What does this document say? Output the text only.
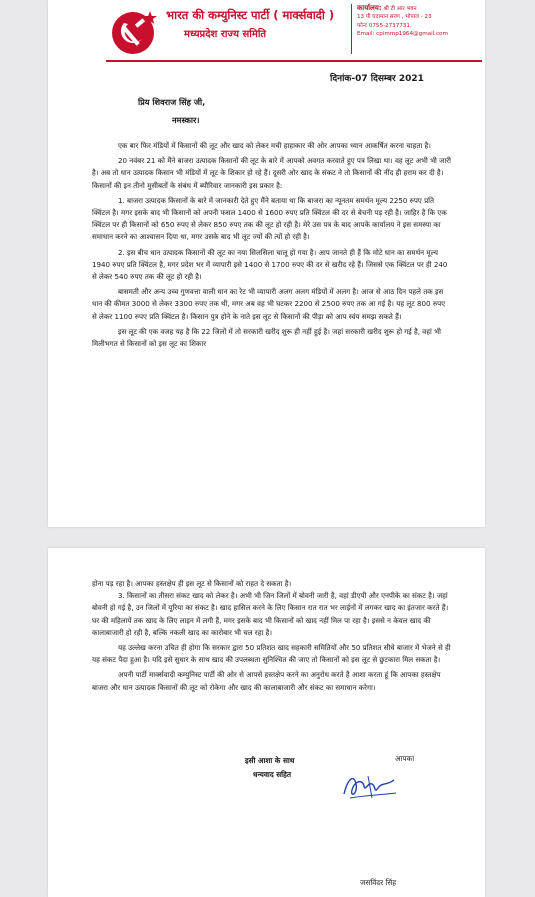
भारत की कम्युनिस्ट पार्टी ( मार्क्सवादी )
मध्यप्रदेश राज्य समिति
कार्यालय: श्री टी आर भवन
13 पी घदामान सरण , भोपाल - 23
फोनः 0755-2737731,
Email: cpimmp1964@gmail.com
दिनांक-07 दिसम्बर 2021
प्रिय शिवराज सिंह जी,
नमस्कार।

एक बार फिर मंडियों में किसानों की लूट और खाद को लेकर मची हाहाकार की ओर आपका ध्यान आकर्षित करना चाहता है।

20 नवंबर 21 को मैंने बाजरा उत्पादक किसानों की लूट के बारे में आपको अवगत करवाते हुए पत्र लिखा था। वह लूट अभी भी जारी है। अब तो धान उत्पादक किसान भी मंडियों में लूट के शिकार हो रहे हैं। दूसरी ओर खाद के संकट ने तो किसानों की नींद ही हराम कर दी है। किसानों की इन तीनो मुसीबतों के संबंध में ब्यौरिवार जानकारी इस प्रकार है:

1. बाजरा उत्पादक किसानों के बारे में जानकारी देते हुए मैंने बताया था कि बाजरा का न्यूनतम समर्थन मूल्य 2250 रुपए प्रति क्विंटल है। मगर इसके बाद भी किसानों को अपनी फसल 1400 से 1600 रुपए प्रति क्विंटल की दर से बेचनी पड़ रही है। जाहिर है कि एक क्विंटल पर ही किसानों को 650 रुपए से लेकर 850 रुपए तक की लूट हो रही है। मेरे उस पत्र के बाद आपके कार्यालय ने इस समस्या का समाधान करने का आश्वासन दिया था, मगर उसके बाद भी लूट ज्यों की त्यों हो रही है।

2. इस बीच धान उत्पादक किसानों की लूट का नया सिलसिला चालू हो गया है। आप जानते ही हैं कि मोटे धान का समर्थन मूल्य 1940 रुपए प्रति क्विंटल है, मगर प्रदेश भर में व्यापारी इसे 1400 से 1700 रुपए की दर से खरीद रहे हैं। जिससे एक क्विंटल पर ही 240 से लेकर 540 रुपए तक की लूट हो रही है।

बासमती और अन्य उच्च गुणवत्ता वाली धान का रेट भी व्यापारी अलग अलग मंडियों में अलग है। आज से आठ दिन पहले तक इस धान की कीमत 3000 से लेकर 3300 रुपए तक थी, मगर अब वह भी घटकर 2200 से 2500 रुपए तक आ गई है। यह लूट 800 रुपए से लेकर 1100 रुपए प्रति क्विंटल है। किसान पुत्र होने के नाते इस लूट से किसानों की पीड़ा को आप स्वंय समझ सकते हैं।

इस लूट की एक वजह यह है कि 22 जिलों में तो सरकारी खरीद शुरू ही नहीं हुई है। जहां सरकारी खरीद शुरू हो गई है, वहां भी मिलीभगत से किसानों को इस लूट का शिकार

होना पड़ रहा है। आपका हस्तक्षेप ही इस लूट से किसानों को राहत दे सकता है।

3. किसानों का तीसरा संकट खाद को लेकर है। अभी भी जिन जिलों में बोवनी जारी है, वहां डीएपी और एनपीके का संकट है। जहां बोवनी हो गई है, उन जिलों में यूरिया का संकट है। खाद हासिल करने के लिए किसान रात रात भर लाईनों में लगकर खाद का इंतजार करते हैं। घर की महिलायें तक खाद के लिए लाइन में लगी हैं, मगर इसके बाद भी किसानों को खाद नहीं मिल पा रहा है। इससे न केवल खाद की कालाबाजारी हो रही है, बल्कि नकली खाद का कारोबार भी चल रहा है।

यह उल्लेख करना उचित ही होगा कि सरकार द्वारा 50 प्रतिशत खाद सहकारी समितियों और 50 प्रतिशत सीधे बाजार में भेजने से ही यह संकट पैदा हुआ है। यदि इसे सुधार के साथ खाद की उपलब्धता सुनिश्चित की जाए तो किसानों को इस लूट से छुटकारा मिल सकता है।

अपनी पार्टी मार्क्सवादी कम्युनिस्ट पार्टी की ओर से आपसे हस्तक्षेप करने का अनुरोध करते है आशा करता हूं कि आपका हस्तक्षेप बाजरा और धान उत्पादक किसानों की लूट को रोकेगा और खाद की कालाबाजारी और संकट का समाधान करेगा।

इसी आशा के साथ
धन्यवाद सहित
आपका
जसविंदर सिंह
